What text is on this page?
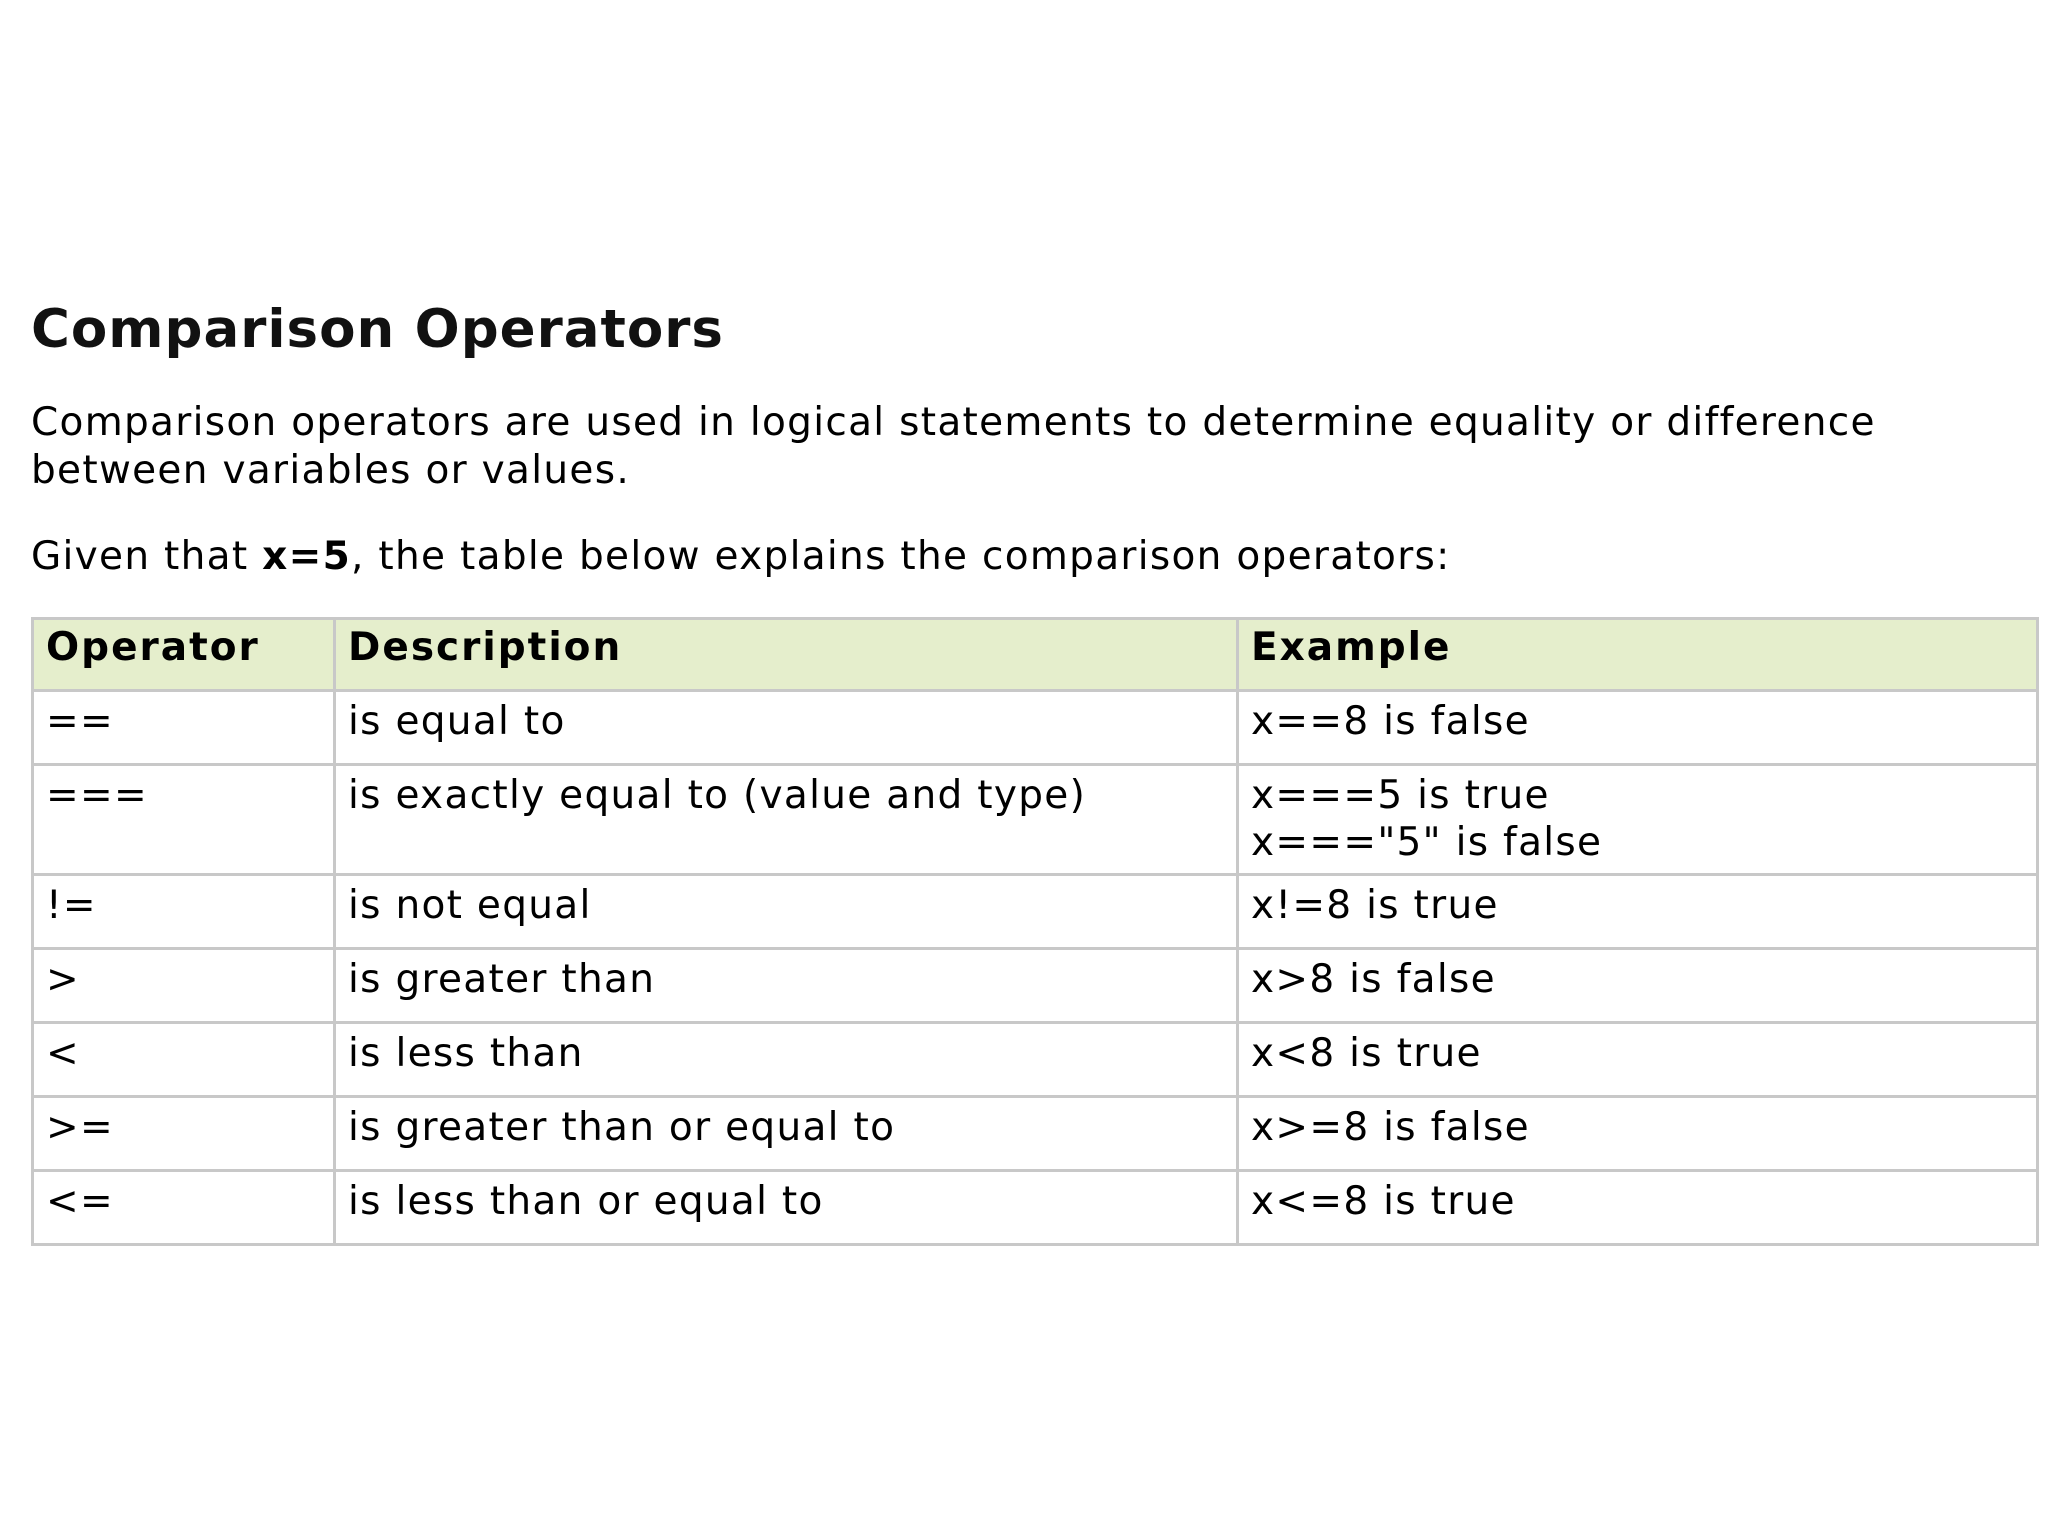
Comparison Operators

Comparison operators are used in logical statements to determine equality or difference between variables or values.

Given that x=5, the table below explains the comparison operators:

Operator	Description	Example
==	is equal to	x==8 is false

===	is exactly equal to (value and type)	x===5 is true
x==="5" is false

!=	is not equal	x!=8 is true

>	is greater than	x>8 is false

<	is less than	x<8 is true

>=	is greater than or equal to	x>=8 is false

<=	is less than or equal to	x<=8 is true
